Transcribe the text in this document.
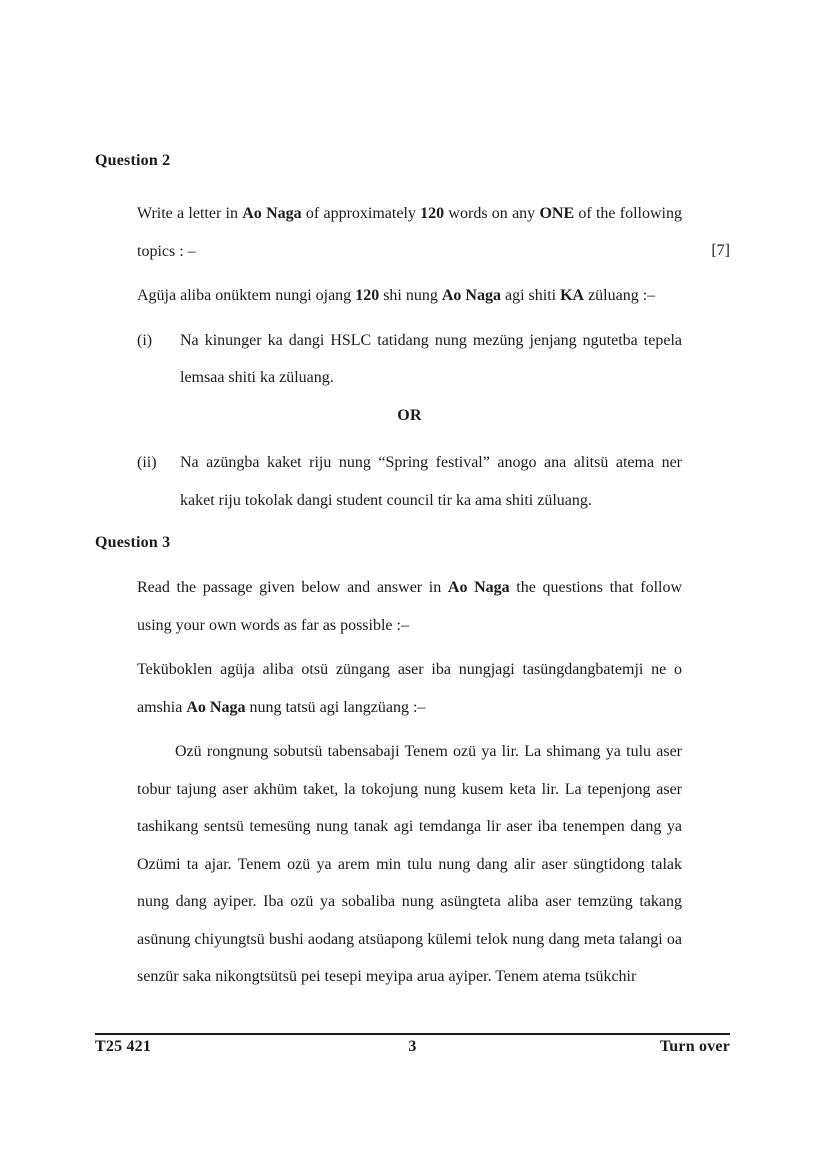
Question 2

Write a letter in Ao Naga of approximately 120 words on any ONE of the following topics : –	[7]

Agüja aliba onüktem nungi ojang 120 shi nung Ao Naga agi shiti KA züluang :–

(i)	Na kinunger ka dangi HSLC tatidang nung mezüng jenjang ngutetba tepela lemsaa shiti ka züluang.

OR

(ii)	Na azüngba kaket riju nung “Spring festival” anogo ana alitsü atema ner kaket riju tokolak dangi student council tir ka ama shiti züluang.

Question 3

Read the passage given below and answer in Ao Naga the questions that follow using your own words as far as possible :–

Teküboklen agüja aliba otsü züngang aser iba nungjagi tasüngdangbatemji ne o amshia Ao Naga nung tatsü agi langzüang :–

Ozü rongnung sobutsü tabensabaji Tenem ozü ya lir. La shimang ya tulu aser tobur tajung aser akhüm taket, la tokojung nung kusem keta lir. La tepenjong aser tashikang sentsü temesüng nung tanak agi temdanga lir aser iba tenempen dang ya Ozümi ta ajar. Tenem ozü ya arem min tulu nung dang alir aser süngtidong talak nung dang ayiper. Iba ozü ya sobaliba nung asüngteta aliba aser temzüng takang asünung chiyungtsü bushi aodang atsüapong külemi telok nung dang meta talangi oa senzür saka nikongtsütsü pei tesepi meyipa arua ayiper. Tenem atema tsükchir

T25 421	3	Turn over
